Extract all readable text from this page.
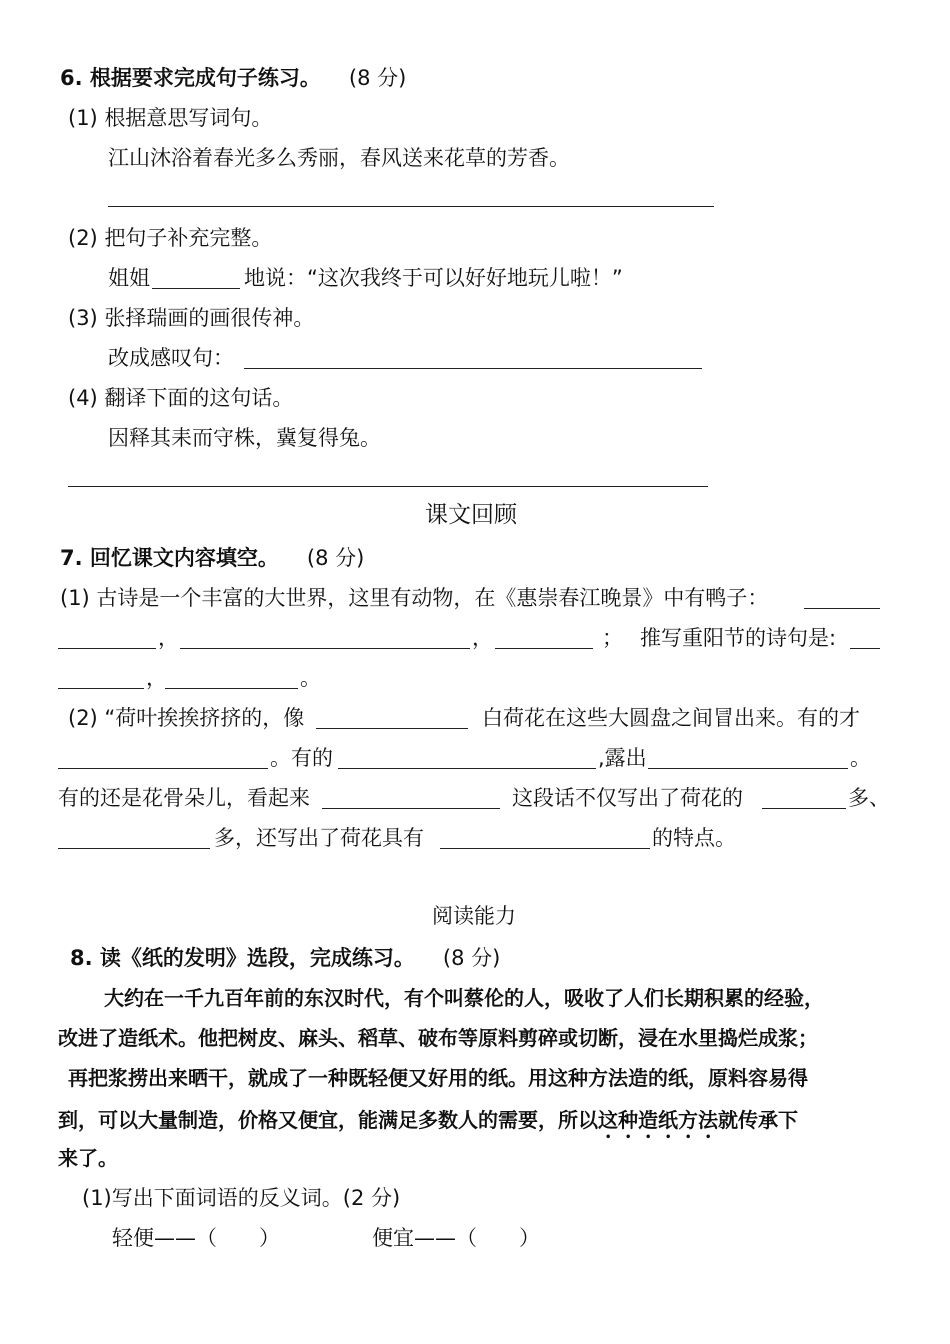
6. 根据要求完成句子练习。 (8 分)
(1) 根据意思写词句。
江山沐浴着春光多么秀丽，春风送来花草的芳香。
(2) 把句子补充完整。
姐姐	地说：“这次我终于可以好好地玩儿啦！”
(3) 张择瑞画的画很传神。
改成感叹句：
(4) 翻译下面的这句话。
因释其耒而守株，冀复得兔。
课文回顾
7. 回忆课文内容填空。 (8 分)
(1) 古诗是一个丰富的大世界，这里有动物，在《惠崇春江晚景》中有鸭子：
，	，	； 推写重阳节的诗句是:
，	。
(2) “荷叶挨挨挤挤的，像	白荷花在这些大圆盘之间冒出来。有的才
。有的	,露出	。
有的还是花骨朵儿，看起来	这段话不仅写出了荷花的	多、
多，还写出了荷花具有	的特点。
阅读能力
8. 读《纸的发明》选段，完成练习。 (8 分)
大约在一千九百年前的东汉时代，有个叫蔡伦的人，吸收了人们长期积累的经验，
改进了造纸术。他把树皮、麻头、稻草、破布等原料剪碎或切断，浸在水里捣烂成浆；
再把浆捞出来晒干，就成了一种既轻便又好用的纸。用这种方法造的纸，原料容易得
到，可以大量制造，价格又便宜，能满足多数人的需要，所以这种造纸方法就传承下
来了。
(1)写出下面词语的反义词。(2 分)
轻便——（　　）	便宜——（　　）
